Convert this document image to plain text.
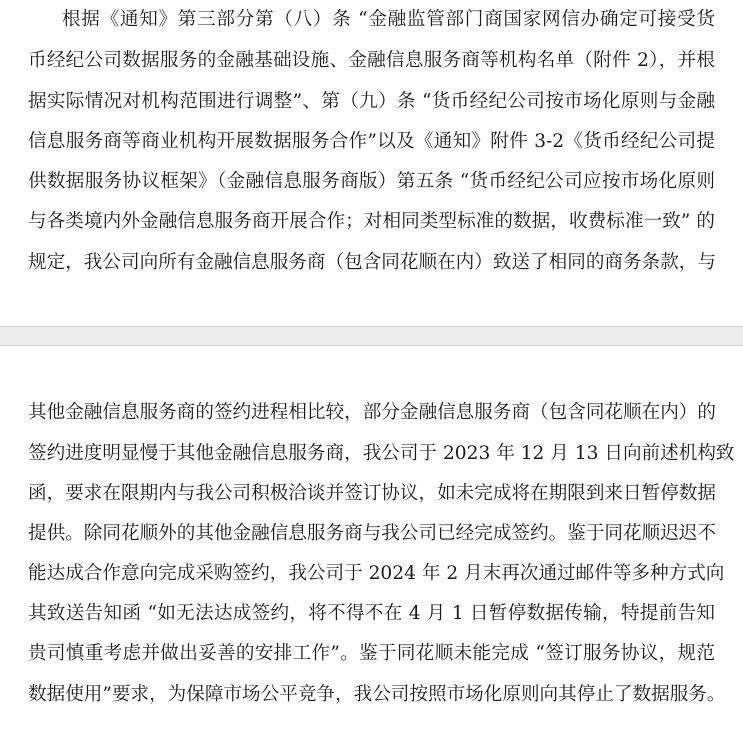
根据《通知》第三部分第（八）条 “金融监管部门商国家网信办确定可接受货
币经纪公司数据服务的金融基础设施、金融信息服务商等机构名单（附件 2），并根
据实际情况对机构范围进行调整”、第（九）条 “货币经纪公司按市场化原则与金融
信息服务商等商业机构开展数据服务合作”以及《通知》附件 3-2《货币经纪公司提
供数据服务协议框架》（金融信息服务商版）第五条 “货币经纪公司应按市场化原则
与各类境内外金融信息服务商开展合作；对相同类型标准的数据，收费标准一致” 的
规定，我公司向所有金融信息服务商（包含同花顺在内）致送了相同的商务条款，与
其他金融信息服务商的签约进程相比较，部分金融信息服务商（包含同花顺在内）的
签约进度明显慢于其他金融信息服务商，我公司于 2023 年 12 月 13 日向前述机构致
函，要求在限期内与我公司积极洽谈并签订协议，如未完成将在期限到来日暂停数据
提供。除同花顺外的其他金融信息服务商与我公司已经完成签约。鉴于同花顺迟迟不
能达成合作意向完成采购签约，我公司于 2024 年 2 月末再次通过邮件等多种方式向
其致送告知函 “如无法达成签约，将不得不在 4 月 1 日暂停数据传输，特提前告知
贵司慎重考虑并做出妥善的安排工作”。鉴于同花顺未能完成 “签订服务协议，规范
数据使用”要求，为保障市场公平竞争，我公司按照市场化原则向其停止了数据服务。
